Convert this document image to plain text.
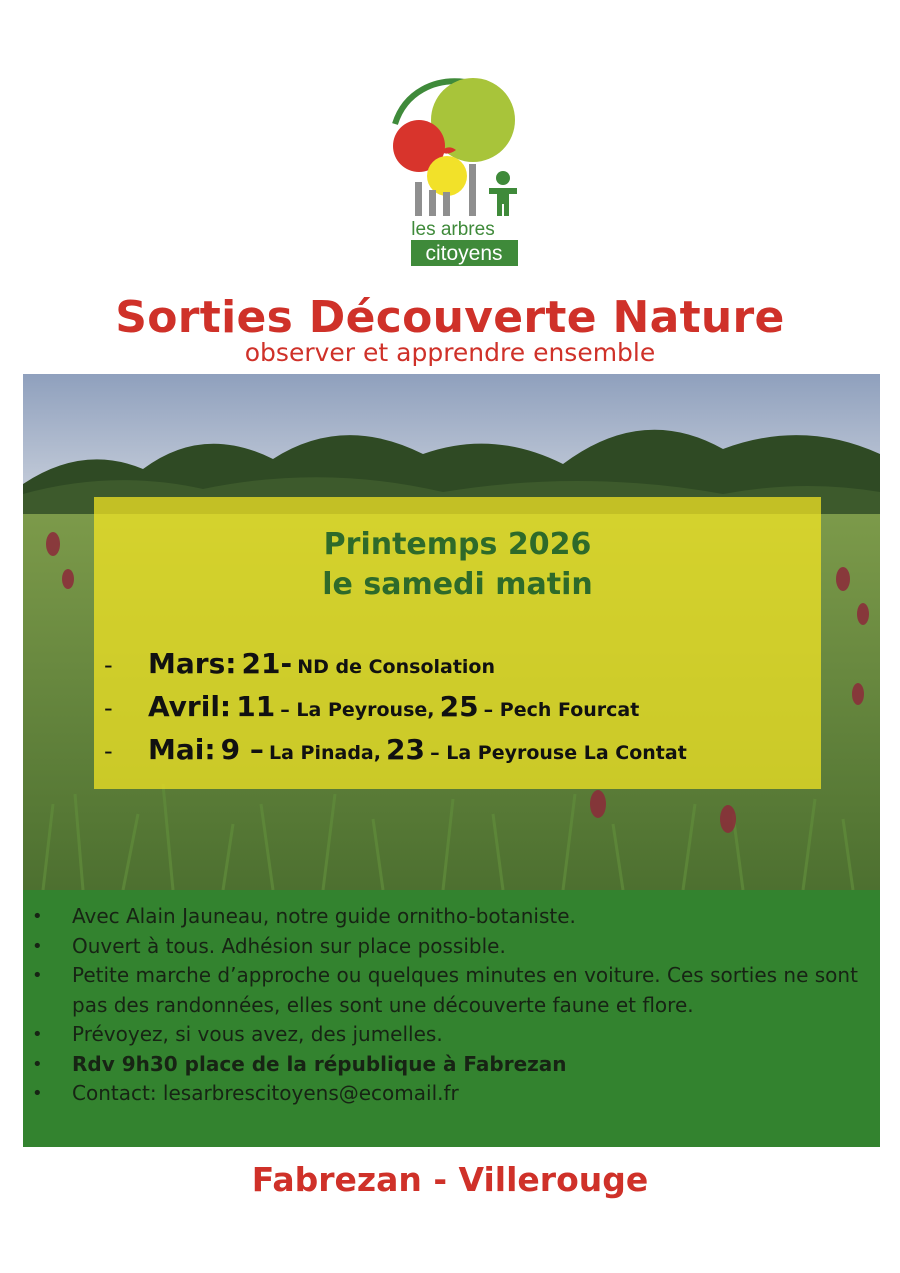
les arbres
citoyens
Sorties Découverte Nature
observer et apprendre ensemble
Printemps 2026
le samedi matin
- Mars: 21- ND de Consolation
- Avril: 11 – La Peyrouse, 25 – Pech Fourcat
- Mai: 9 – La Pinada, 23 – La Peyrouse La Contat
• Avec Alain Jauneau, notre guide ornitho-botaniste.
• Ouvert à tous. Adhésion sur place possible.
• Petite marche d’approche ou quelques minutes en voiture. Ces sorties ne sont pas des randonnées, elles sont une découverte faune et flore.
• Prévoyez, si vous avez, des jumelles.
• Rdv 9h30 place de la république à Fabrezan
• Contact: lesarbrescitoyens@ecomail.fr
Fabrezan - Villerouge
